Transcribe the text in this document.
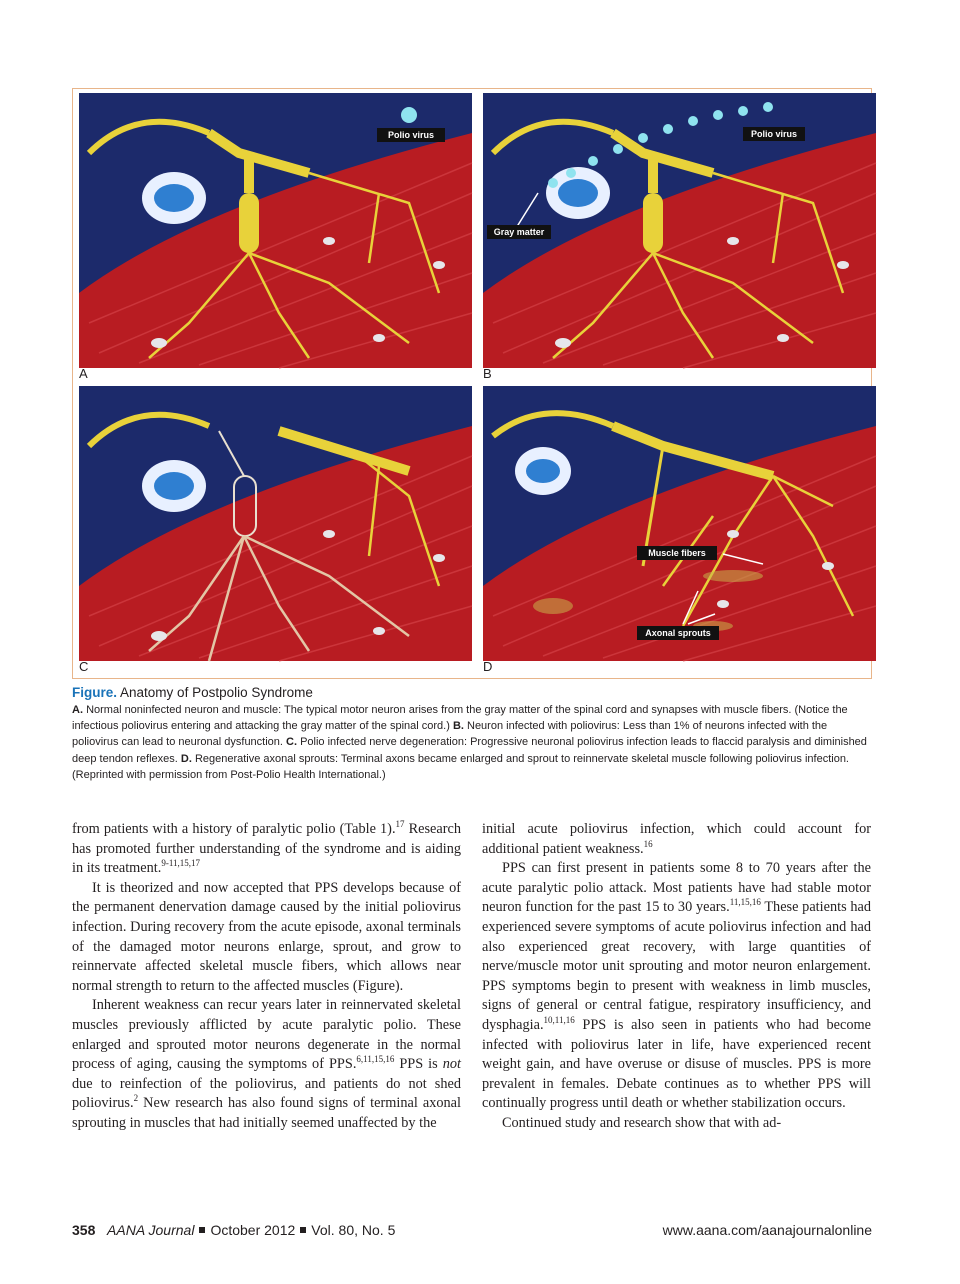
Polio virus
A
Polio virus
Gray matter
B
C
Muscle fibers
Axonal sprouts
D

Figure. Anatomy of Postpolio Syndrome

A. Normal noninfected neuron and muscle: The typical motor neuron arises from the gray matter of the spinal cord and synapses with muscle fibers. (Notice the infectious poliovirus entering and attacking the gray matter of the spinal cord.) B. Neuron infected with poliovirus: Less than 1% of neurons infected with the poliovirus can lead to neuronal dysfunction. C. Polio infected nerve degeneration: Progressive neuronal poliovirus infection leads to flaccid paralysis and diminished deep tendon reflexes. D. Regenerative axonal sprouts: Terminal axons became enlarged and sprout to reinnervate skeletal muscle following poliovirus infection.
(Reprinted with permission from Post-Polio Health International.)

from patients with a history of paralytic polio (Table 1).$^{17}$ Research has promoted further understanding of the syndrome and is aiding in its treatment.$^{9-11,15,17}$

It is theorized and now accepted that PPS develops because of the permanent denervation damage caused by the initial poliovirus infection. During recovery from the acute episode, axonal terminals of the damaged motor neurons enlarge, sprout, and grow to reinnervate affected skeletal muscle fibers, which allows near normal strength to return to the affected muscles (Figure).

Inherent weakness can recur years later in reinnervated skeletal muscles previously afflicted by acute paralytic polio. These enlarged and sprouted motor neurons degenerate in the normal process of aging, causing the symptoms of PPS.$^{6,11,15,16}$ PPS is not due to reinfection of the poliovirus, and patients do not shed poliovirus.$^2$ New research has also found signs of terminal axonal sprouting in muscles that had initially seemed unaffected by the

initial acute poliovirus infection, which could account for additional patient weakness.$^{16}$

PPS can first present in patients some 8 to 70 years after the acute paralytic polio attack. Most patients have had stable motor neuron function for the past 15 to 30 years.$^{11,15,16}$ These patients had experienced severe symptoms of acute poliovirus infection and had also experienced great recovery, with large quantities of nerve/muscle motor unit sprouting and motor neuron enlargement. PPS symptoms begin to present with weakness in limb muscles, signs of general or central fatigue, respiratory insufficiency, and dysphagia.$^{10,11,16}$ PPS is also seen in patients who had become infected with poliovirus later in life, have experienced recent weight gain, and have overuse or disuse of muscles. PPS is more prevalent in females. Debate continues as to whether PPS will continually progress until death or whether stabilization occurs.

Continued study and research show that with ad-

358 AANA Journal October 2012 Vol. 80, No. 5	www.aana.com/aanajournalonline
